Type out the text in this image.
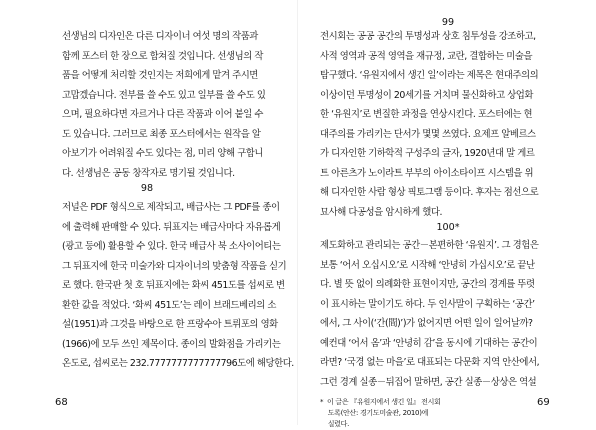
선생님의 디자인은 다른 디자이너 여섯 명의 작품과
함께 포스터 한 장으로 합쳐질 것입니다. 선생님의 작
품을 어떻게 처리할 것인지는 저희에게 맡겨 주시면
고맙겠습니다. 전부를 쓸 수도 있고 일부를 쓸 수도 있
으며, 필요하다면 자르거나 다른 작품과 이어 붙일 수
도 있습니다. 그러므로 최종 포스터에서는 원작을 알
아보기가 어려워질 수도 있다는 점, 미리 양해 구합니
다. 선생님은 공동 창작자로 명기될 것입니다.

98

저널은 PDF 형식으로 제작되고, 배급사는 그 PDF를 종이
에 출력해 판매할 수 있다. 뒤표지는 배급사마다 자유롭게
(광고 등에) 활용할 수 있다. 한국 배급사 북 소사이어티는
그 뒤표지에 한국 미술가와 디자이너의 맞춤형 작품을 싣기
로 했다. 한국판 첫 호 뒤표지에는 화씨 451도를 섭씨로 변
환한 값을 적었다. ‘화씨 451도’는 레이 브래드베리의 소
설(1951)과 그것을 바탕으로 한 프랑수아 트뤼포의 영화
(1966)에 모두 쓰인 제목이다. 종이의 발화점을 가리키는
온도로, 섭씨로는 232.7777777777777796도에 해당한다.

68
99

전시회는 공공 공간의 투명성과 상호 침투성을 강조하고,
사적 영역과 공적 영역을 재규정, 교란, 결합하는 미술을
탐구했다. ‘유원지에서 생긴 일’이라는 제목은 현대주의의
이상이던 투명성이 20세기를 거치며 물신화하고 상업화
한 ‘유원지’로 변질한 과정을 연상시킨다. 포스터에는 현
대주의를 가리키는 단서가 몇몇 쓰였다. 요제프 알베르스
가 디자인한 기하학적 구성주의 글자, 1920년대 말 게르
트 아른츠가 노이라트 부부의 아이소타이프 시스템을 위
해 디자인한 사람 형상 픽토그램 등이다. 후자는 점선으로
묘사해 다공성을 암시하게 했다.

100*

제도화하고 관리되는 공간－본편하한 ‘유원지’. 그 경험은
보통 ‘어서 오십시오’로 시작해 ‘안녕히 가십시오’로 끝난
다. 별 뜻 없이 의례화한 표현이지만, 공간의 경계를 뚜렷
이 표시하는 말이기도 하다. 두 인사말이 구획하는 ‘공간’
에서, 그 사이(‘간(間)’)가 없어지면 어떤 일이 일어날까?
예컨대 ‘어서 옴’과 ‘안녕히 감’을 동시에 기대하는 공간이
라면? ‘국경 없는 마을’로 대표되는 다문화 지역 안산에서,
그런 경계 실종－뒤집어 말하면, 공간 실종－상상은 역설

*  이 글은 『유원지에서 생긴 일』 전시회
도록(안산: 경기도미술관, 2010)에
실렸다.

69
